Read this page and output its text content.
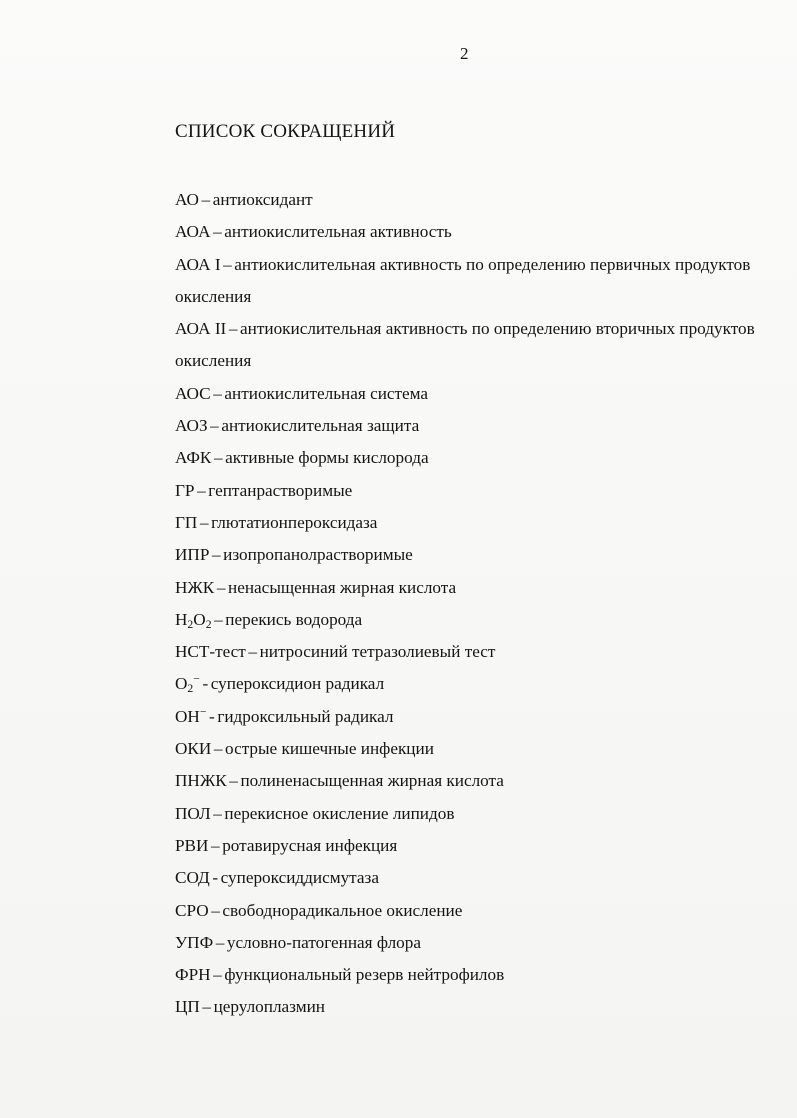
2
СПИСОК СОКРАЩЕНИЙ
АО – антиоксидант
АОА – антиокислительная активность
АОА I – антиокислительная активность по определению первичных продуктов окисления
АОА II – антиокислительная активность по определению вторичных продуктов окисления
АОС – антиокислительная система
АОЗ – антиокислительная защита
АФК – активные формы кислорода
ГР – гептанрастворимые
ГП – глютатионпероксидаза
ИПР – изопропанолрастворимые
НЖК – ненасыщенная жирная кислота
$H_2O_2$ – перекись водорода
НСТ-тест – нитросиний тетразолиевый тест
$O_2^-$ - супероксидион радикал
ОН− - гидроксильный радикал
ОКИ – острые кишечные инфекции
ПНЖК – полиненасыщенная жирная кислота
ПОЛ – перекисное окисление липидов
РВИ – ротавирусная инфекция
СОД - супероксиддисмутаза
СРО – свободнорадикальное окисление
УПФ – условно-патогенная флора
ФРН – функциональный резерв нейтрофилов
ЦП – церулоплазмин
